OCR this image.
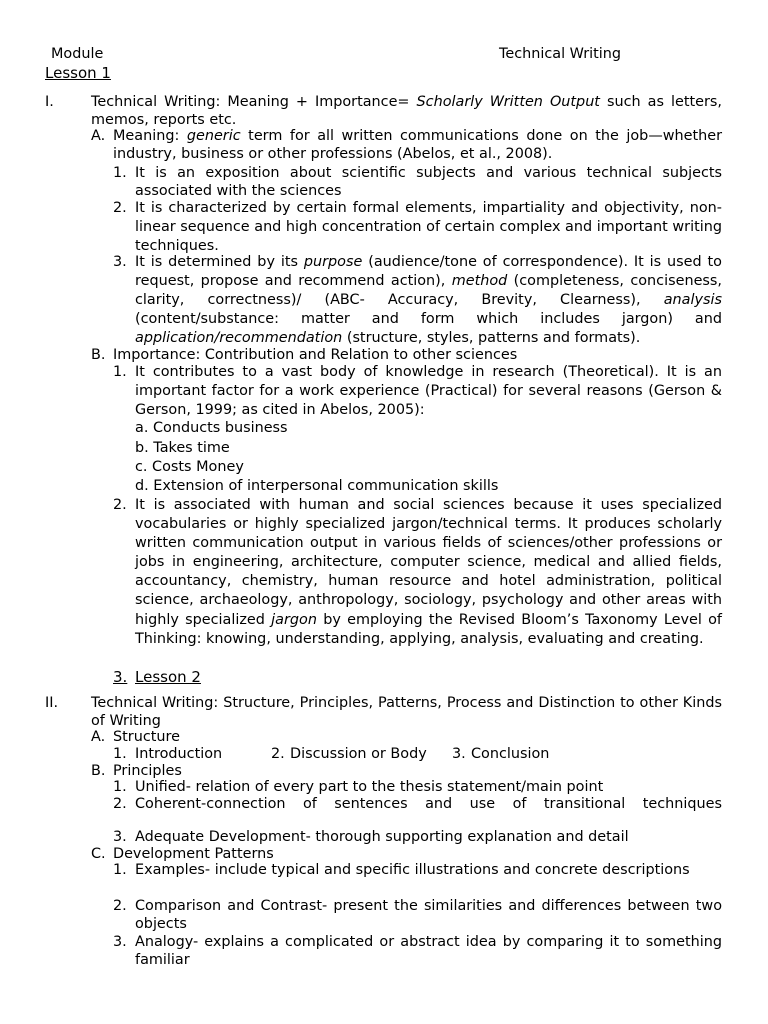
Module	Technical Writing
Lesson 1
I.	Technical Writing: Meaning + Importance= Scholarly Written Output such as letters, memos, reports etc.
A. Meaning: generic term for all written communications done on the job—whether industry, business or other professions (Abelos, et al., 2008).
1. It is an exposition about scientific subjects and various technical subjects associated with the sciences
2. It is characterized by certain formal elements, impartiality and objectivity, non-linear sequence and high concentration of certain complex and important writing techniques.
3. It is determined by its purpose (audience/tone of correspondence). It is used to request, propose and recommend action), method (completeness, conciseness, clarity, correctness)/ (ABC- Accuracy, Brevity, Clearness), analysis (content/substance: matter and form which includes jargon) and application/recommendation (structure, styles, patterns and formats).
B. Importance: Contribution and Relation to other sciences
1. It contributes to a vast body of knowledge in research (Theoretical). It is an important factor for a work experience (Practical) for several reasons (Gerson & Gerson, 1999; as cited in Abelos, 2005):
a. Conducts business
b. Takes time
c. Costs Money
d. Extension of interpersonal communication skills
2. It is associated with human and social sciences because it uses specialized vocabularies or highly specialized jargon/technical terms. It produces scholarly written communication output in various fields of sciences/other professions or jobs in engineering, architecture, computer science, medical and allied fields, accountancy, chemistry, human resource and hotel administration, political science, archaeology, anthropology, sociology, psychology and other areas with highly specialized jargon by employing the Revised Bloom’s Taxonomy Level of Thinking: knowing, understanding, applying, analysis, evaluating and creating.
3. Lesson 2
II. Technical Writing: Structure, Principles, Patterns, Process and Distinction to other Kinds of Writing
A. Structure
1. Introduction	2. Discussion or Body 3. Conclusion
B. Principles
1. Unified- relation of every part to the thesis statement/main point
2. Coherent-connection of sentences and use of transitional techniques
3. Adequate Development- thorough supporting explanation and detail
C. Development Patterns
1. Examples- include typical and specific illustrations and concrete descriptions
2. Comparison and Contrast- present the similarities and differences between two objects
3. Analogy- explains a complicated or abstract idea by comparing it to something familiar
